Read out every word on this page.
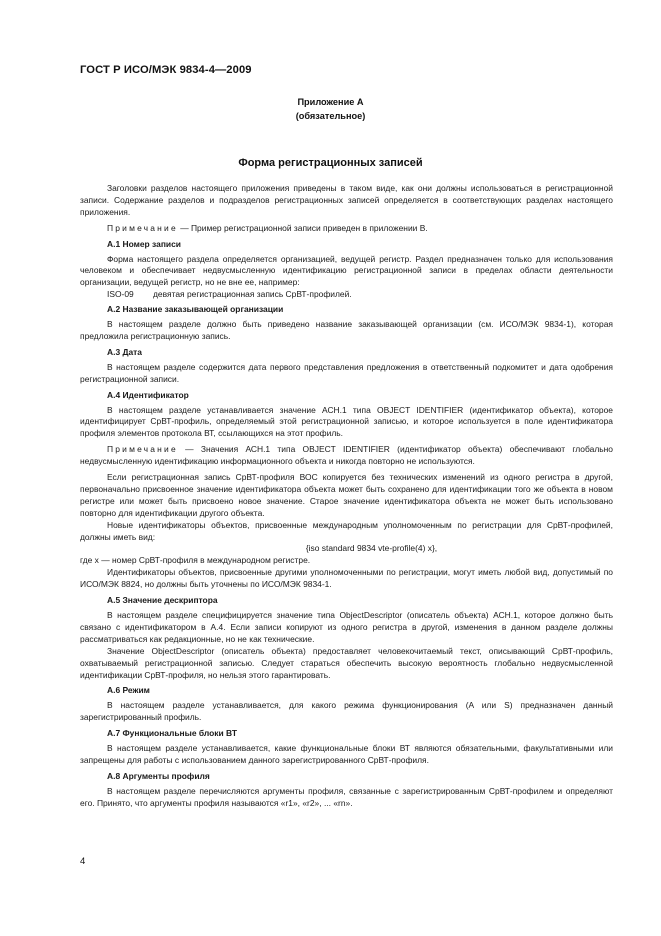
ГОСТ Р ИСО/МЭК 9834-4—2009
Приложение А
(обязательное)
Форма регистрационных записей

Заголовки разделов настоящего приложения приведены в таком виде, как они должны использоваться в регистрационной записи. Содержание разделов и подразделов регистрационных записей определяется в соответствующих разделах настоящего приложения.

Примечание — Пример регистрационной записи приведен в приложении В.

А.1 Номер записи

Форма настоящего раздела определяется организацией, ведущей регистр. Раздел предназначен только для использования человеком и обеспечивает недвусмысленную идентификацию регистрационной записи в пределах области деятельности организации, ведущей регистр, но не вне ее, например:

ISO-09	девятая регистрационная запись СрВТ-профилей.
А.2 Название заказывающей организации

В настоящем разделе должно быть приведено название заказывающей организации (см. ИСО/МЭК 9834-1), которая предложила регистрационную запись.

А.3 Дата

В настоящем разделе содержится дата первого представления предложения в ответственный подкомитет и дата одобрения регистрационной записи.

А.4 Идентификатор

В настоящем разделе устанавливается значение АСН.1 типа OBJECT IDENTIFIER (идентификатор объекта), которое идентифицирует СрВТ-профиль, определяемый этой регистрационной записью, и которое используется в поле идентификатора профиля элементов протокола ВТ, ссылающихся на этот профиль.

Примечание — Значения АСН.1 типа OBJECT IDENTIFIER (идентификатор объекта) обеспечивают глобально недвусмысленную идентификацию информационного объекта и никогда повторно не используются.

Если регистрационная запись СрВТ-профиля ВОС копируется без технических изменений из одного регистра в другой, первоначально присвоенное значение идентификатора объекта может быть сохранено для идентификации того же объекта в новом регистре или может быть присвоено новое значение. Старое значение идентификатора объекта не может быть использовано повторно для идентификации другого объекта.

Новые идентификаторы объектов, присвоенные международным уполномоченным по регистрации для СрВТ-профилей, должны иметь вид:

{iso standard 9834 vte-profile(4) x},

где х — номер СрВТ-профиля в международном регистре.

Идентификаторы объектов, присвоенные другими уполномоченными по регистрации, могут иметь любой вид, допустимый по ИСО/МЭК 8824, но должны быть уточнены по ИСО/МЭК 9834-1.

А.5 Значение дескриптора

В настоящем разделе специфицируется значение типа ObjectDescriptor (описатель объекта) АСН.1, которое должно быть связано с идентификатором в А.4. Если записи копируют из одного регистра в другой, изменения в данном разделе должны рассматриваться как редакционные, но не как технические.

Значение ObjectDescriptor (описатель объекта) предоставляет человекочитаемый текст, описывающий СрВТ-профиль, охватываемый регистрационной записью. Следует стараться обеспечить высокую вероятность глобально недвусмысленной идентификации СрВТ-профиля, но нельзя этого гарантировать.

А.6 Режим

В настоящем разделе устанавливается, для какого режима функционирования (A или S) предназначен данный зарегистрированный профиль.

А.7 Функциональные блоки ВТ

В настоящем разделе устанавливается, какие функциональные блоки ВТ являются обязательными, факультативными или запрещены для работы с использованием данного зарегистрированного СрВТ-профиля.

А.8 Аргументы профиля

В настоящем разделе перечисляются аргументы профиля, связанные с зарегистрированным СрВТ-профилем и определяют его. Принято, что аргументы профиля называются «r1», «r2», ... «rn».

4
